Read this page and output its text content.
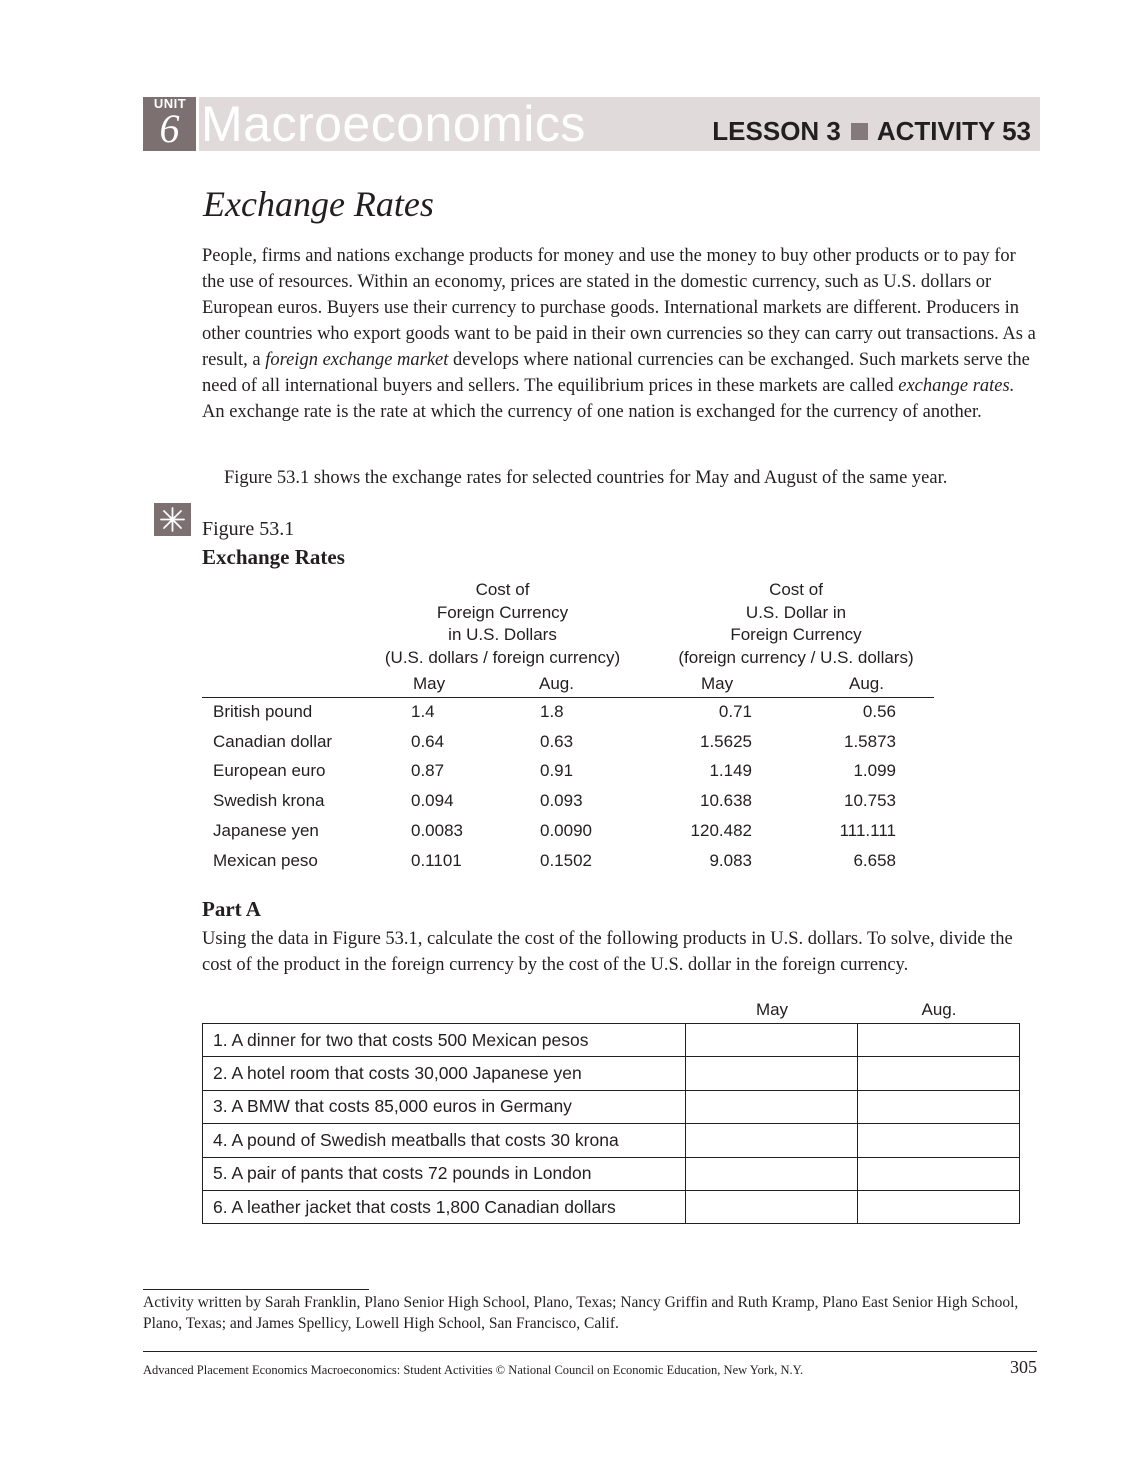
UNIT
6 Macroeconomics	LESSON 3 ACTIVITY 53
Exchange Rates

People, firms and nations exchange products for money and use the money to buy other products or to pay for the use of resources. Within an economy, prices are stated in the domestic currency, such as U.S. dollars or European euros. Buyers use their currency to purchase goods. International markets are different. Producers in other countries who export goods want to be paid in their own currencies so they can carry out transactions. As a result, a foreign exchange market develops where national currencies can be exchanged. Such markets serve the need of all international buyers and sellers. The equilibrium prices in these markets are called exchange rates. An exchange rate is the rate at which the currency of one nation is exchanged for the currency of another.

Figure 53.1 shows the exchange rates for selected countries for May and August of the same year.
Figure 53.1
Exchange Rates
Cost of
Foreign Currency
in U.S. Dollars
(U.S. dollars / foreign currency)
Cost of
U.S. Dollar in
Foreign Currency
(foreign currency / U.S. dollars)
May	Aug.	May	Aug.
British pound	1.4	1.8	0.71	0.56
Canadian dollar	0.64	0.63	1.5625	1.5873
European euro	0.87	0.91	1.149	1.099
Swedish krona	0.094	0.093	10.638	10.753
Japanese yen	0.0083	0.0090	120.482	111.111
Mexican peso	0.1101	0.1502	9.083	6.658
Part A

Using the data in Figure 53.1, calculate the cost of the following products in U.S. dollars. To solve, divide the cost of the product in the foreign currency by the cost of the U.S. dollar in the foreign currency.

May	Aug.
1. A dinner for two that costs 500 Mexican pesos		
2. A hotel room that costs 30,000 Japanese yen		
3. A BMW that costs 85,000 euros in Germany		
4. A pound of Swedish meatballs that costs 30 krona		
5. A pair of pants that costs 72 pounds in London		
6. A leather jacket that costs 1,800 Canadian dollars		

Activity written by Sarah Franklin, Plano Senior High School, Plano, Texas; Nancy Griffin and Ruth Kramp, Plano East Senior High School, Plano, Texas; and James Spellicy, Lowell High School, San Francisco, Calif.

Advanced Placement Economics Macroeconomics: Student Activities © National Council on Economic Education, New York, N.Y.	305
